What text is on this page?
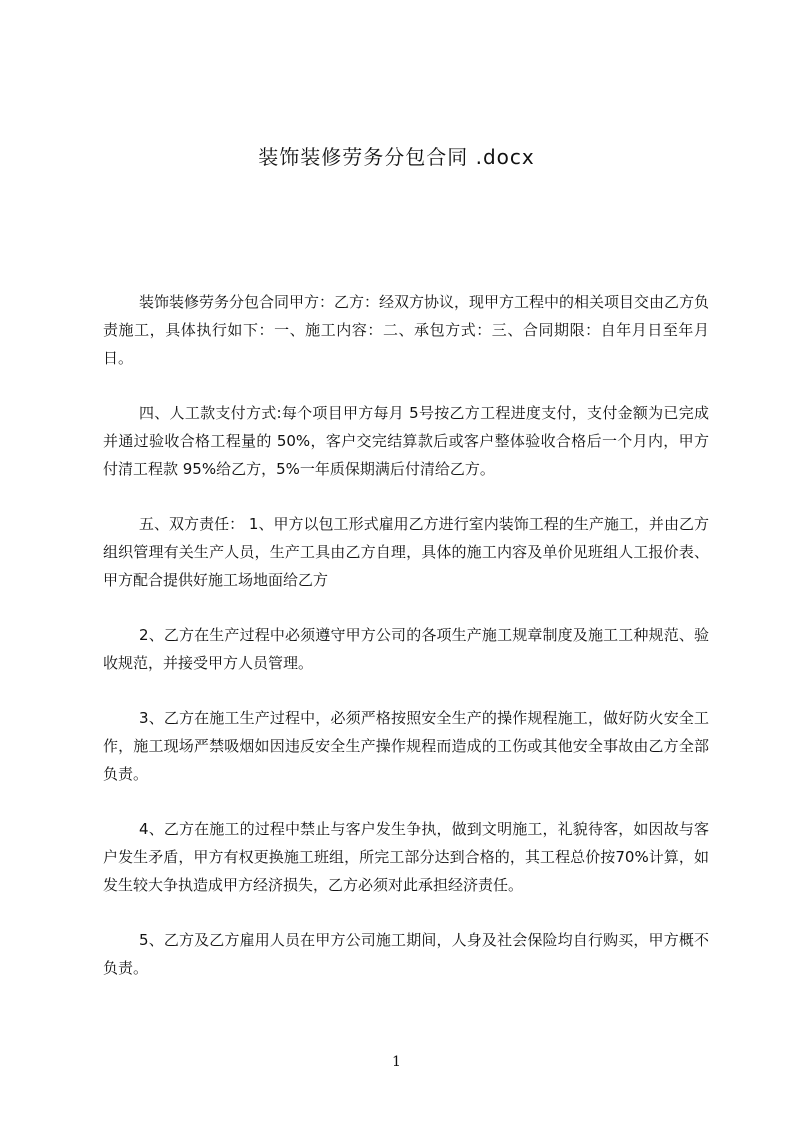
装饰装修劳务分包合同 .docx

装饰装修劳务分包合同甲方：乙方：经双方协议，现甲方工程中的相关项目交由乙方负责施工，具体执行如下：一、施工内容：二、承包方式：三、合同期限：自年月日至年月日。

四、人工款支付方式:每个项目甲方每月 5号按乙方工程进度支付，支付金额为已完成并通过验收合格工程量的 50%，客户交完结算款后或客户整体验收合格后一个月内，甲方付清工程款 95%给乙方，5%一年质保期满后付清给乙方。

五、双方责任： 1、甲方以包工形式雇用乙方进行室内装饰工程的生产施工，并由乙方组织管理有关生产人员，生产工具由乙方自理，具体的施工内容及单价见班组人工报价表、甲方配合提供好施工场地面给乙方

2、乙方在生产过程中必须遵守甲方公司的各项生产施工规章制度及施工工种规范、验收规范，并接受甲方人员管理。

3、乙方在施工生产过程中，必须严格按照安全生产的操作规程施工，做好防火安全工作，施工现场严禁吸烟如因违反安全生产操作规程而造成的工伤或其他安全事故由乙方全部负责。

4、乙方在施工的过程中禁止与客户发生争执，做到文明施工，礼貌待客，如因故与客户发生矛盾，甲方有权更换施工班组，所完工部分达到合格的，其工程总价按70%计算，如发生较大争执造成甲方经济损失，乙方必须对此承担经济责任。

5、乙方及乙方雇用人员在甲方公司施工期间，人身及社会保险均自行购买，甲方概不负责。

1
